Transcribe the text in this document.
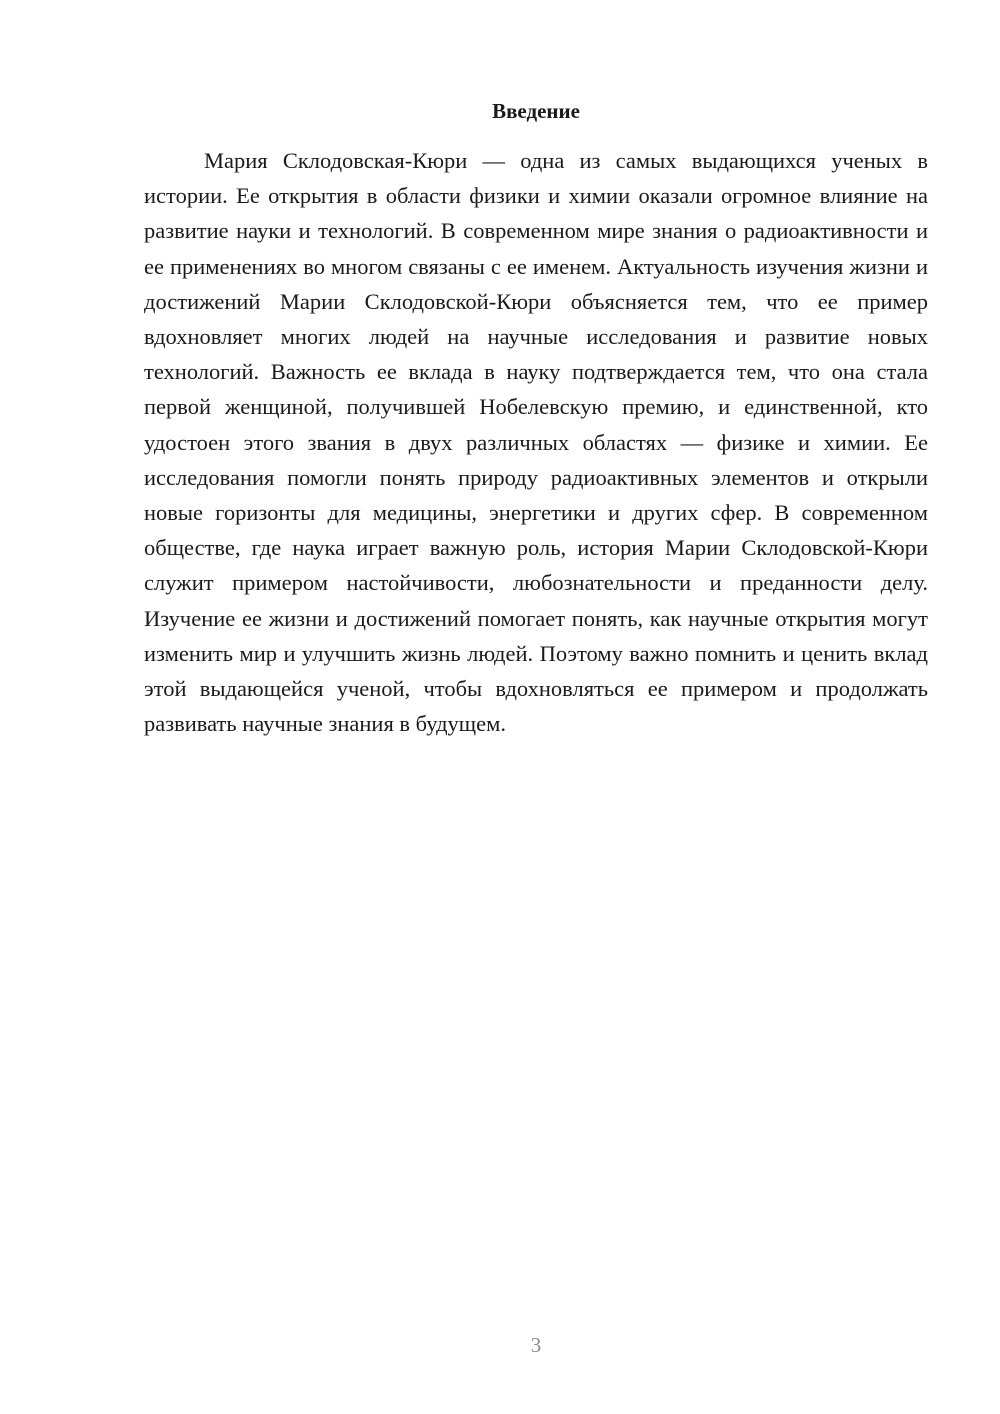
Введение

Мария Склодовская-Кюри — одна из самых выдающихся ученых в истории. Ее открытия в области физики и химии оказали огромное влияние на развитие науки и технологий. В современном мире знания о радиоактивности и ее применениях во многом связаны с ее именем. Актуальность изучения жизни и достижений Марии Склодовской-Кюри объясняется тем, что ее пример вдохновляет многих людей на научные исследования и развитие новых технологий. Важность ее вклада в науку подтверждается тем, что она стала первой женщиной, получившей Нобелевскую премию, и единственной, кто удостоен этого звания в двух различных областях — физике и химии. Ее исследования помогли понять природу радиоактивных элементов и открыли новые горизонты для медицины, энергетики и других сфер. В современном обществе, где наука играет важную роль, история Марии Склодовской-Кюри служит примером настойчивости, любознательности и преданности делу. Изучение ее жизни и достижений помогает понять, как научные открытия могут изменить мир и улучшить жизнь людей. Поэтому важно помнить и ценить вклад этой выдающейся ученой, чтобы вдохновляться ее примером и продолжать развивать научные знания в будущем.

3
